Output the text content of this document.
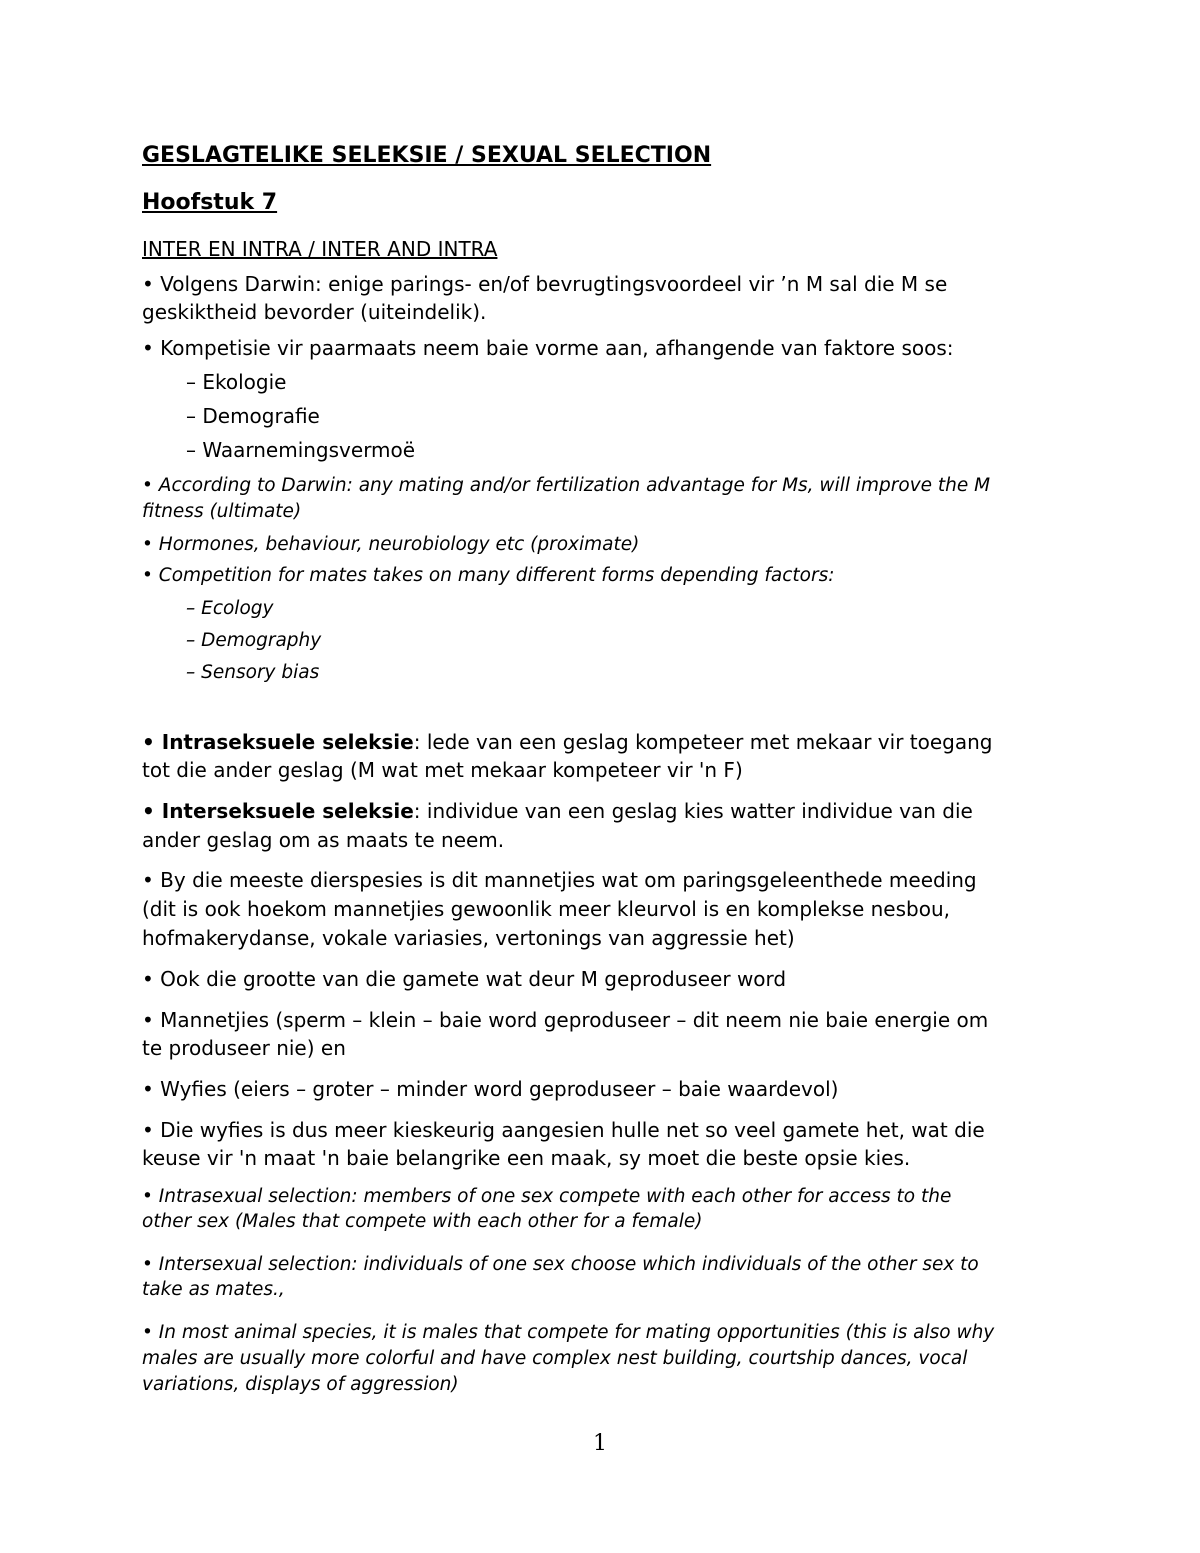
GESLAGTELIKE SELEKSIE / SEXUAL SELECTION
Hoofstuk 7
INTER EN INTRA / INTER AND INTRA
• Volgens Darwin: enige parings- en/of bevrugtingsvoordeel vir ’n M sal die M se
geskiktheid bevorder (uiteindelik).
• Kompetisie vir paarmaats neem baie vorme aan, afhangende van faktore soos:
– Ekologie
– Demografie
– Waarnemingsvermoë
• According to Darwin: any mating and/or fertilization advantage for Ms, will improve the M
fitness (ultimate)
• Hormones, behaviour, neurobiology etc (proximate)
• Competition for mates takes on many different forms depending factors:
– Ecology
– Demography
– Sensory bias
• Intraseksuele seleksie: lede van een geslag kompeteer met mekaar vir toegang
tot die ander geslag (M wat met mekaar kompeteer vir 'n F)
• Interseksuele seleksie: individue van een geslag kies watter individue van die
ander geslag om as maats te neem.
• By die meeste dierspesies is dit mannetjies wat om paringsgeleenthede meeding
(dit is ook hoekom mannetjies gewoonlik meer kleurvol is en komplekse nesbou,
hofmakerydanse, vokale variasies, vertonings van aggressie het)
• Ook die grootte van die gamete wat deur M geproduseer word
• Mannetjies (sperm – klein – baie word geproduseer – dit neem nie baie energie om
te produseer nie) en
• Wyfies (eiers – groter – minder word geproduseer – baie waardevol)
• Die wyfies is dus meer kieskeurig aangesien hulle net so veel gamete het, wat die
keuse vir 'n maat 'n baie belangrike een maak, sy moet die beste opsie kies.
• Intrasexual selection: members of one sex compete with each other for access to the
other sex (Males that compete with each other for a female)
• Intersexual selection: individuals of one sex choose which individuals of the other sex to
take as mates.,
• In most animal species, it is males that compete for mating opportunities (this is also why
males are usually more colorful and have complex nest building, courtship dances, vocal
variations, displays of aggression)
1
